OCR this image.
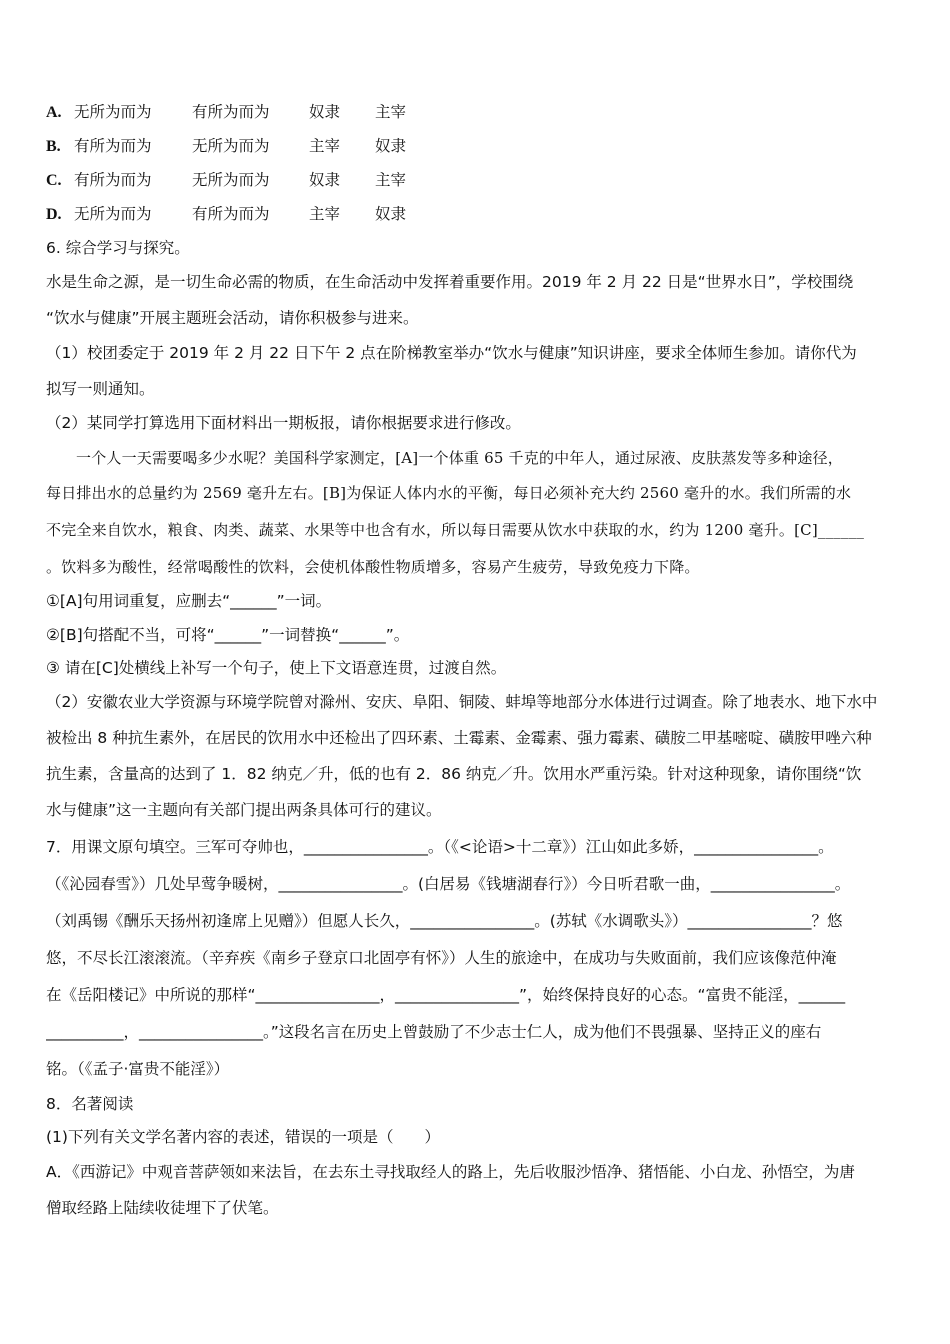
A. 无所为而为	有所为而为	奴隶 主宰
B. 有所为而为	无所为而为	主宰 奴隶
C. 有所为而为	无所为而为	奴隶 主宰
D. 无所为而为	有所为而为	主宰 奴隶
6. 综合学习与探究。
水是生命之源，是一切生命必需的物质，在生命活动中发挥着重要作用。2019 年 2 月 22 日是“世界水日”，学校围绕
“饮水与健康”开展主题班会活动，请你积极参与进来。
（1）校团委定于 2019 年 2 月 22 日下午 2 点在阶梯教室举办“饮水与健康”知识讲座，要求全体师生参加。请你代为
拟写一则通知。
（2）某同学打算选用下面材料出一期板报，请你根据要求进行修改。
一个人一天需要喝多少水呢？美国科学家测定，[A]一个体重 65 千克的中年人，通过尿液、皮肤蒸发等多种途径，
每日排出水的总量约为 2569 毫升左右。[B]为保证人体内水的平衡，每日必须补充大约 2560 毫升的水。我们所需的水
不完全来自饮水，粮食、肉类、蔬菜、水果等中也含有水，所以每日需要从饮水中获取的水，约为 1200 毫升。[C]______
。饮料多为酸性，经常喝酸性的饮料，会使机体酸性物质增多，容易产生疲劳，导致免疫力下降。
①[A]句用词重复，应删去“______”一词。
②[B]句搭配不当，可将“______”一词替换“______”。
③ 请在[C]处横线上补写一个句子，使上下文语意连贯，过渡自然。
（2）安徽农业大学资源与环境学院曾对滁州、安庆、阜阳、铜陵、蚌埠等地部分水体进行过调查。除了地表水、地下水中
被检出 8 种抗生素外，在居民的饮用水中还检出了四环素、土霉素、金霉素、强力霉素、磺胺二甲基嘧啶、磺胺甲唑六种
抗生素，含量高的达到了 1．82 纳克／升，低的也有 2．86 纳克／升。饮用水严重污染。针对这种现象，请你围绕“饮
水与健康”这一主题向有关部门提出两条具体可行的建议。
7．用课文原句填空。三军可夺帅也，________________。（《<论语>十二章》）江山如此多娇，________________。
（《沁园春雪》）几处早莺争暖树，________________。(白居易《钱塘湖春行》）今日听君歌一曲，________________。
（刘禹锡《酬乐天扬州初逢席上见赠》）但愿人长久，________________。(苏轼《水调歌头》）________________？悠
悠，不尽长江滚滚流。（辛弃疾《南乡子登京口北固亭有怀》）人生的旅途中，在成功与失败面前，我们应该像范仲淹
在《岳阳楼记》中所说的那样“________________，________________”，始终保持良好的心态。“富贵不能淫，______
__________，________________。”这段名言在历史上曾鼓励了不少志士仁人，成为他们不畏强暴、坚持正义的座右
铭。（《孟子·富贵不能淫》）
8．名著阅读
(1)下列有关文学名著内容的表述，错误的一项是（　　）
A．《西游记》中观音菩萨领如来法旨，在去东土寻找取经人的路上，先后收服沙悟净、猪悟能、小白龙、孙悟空，为唐
僧取经路上陆续收徒埋下了伏笔。
